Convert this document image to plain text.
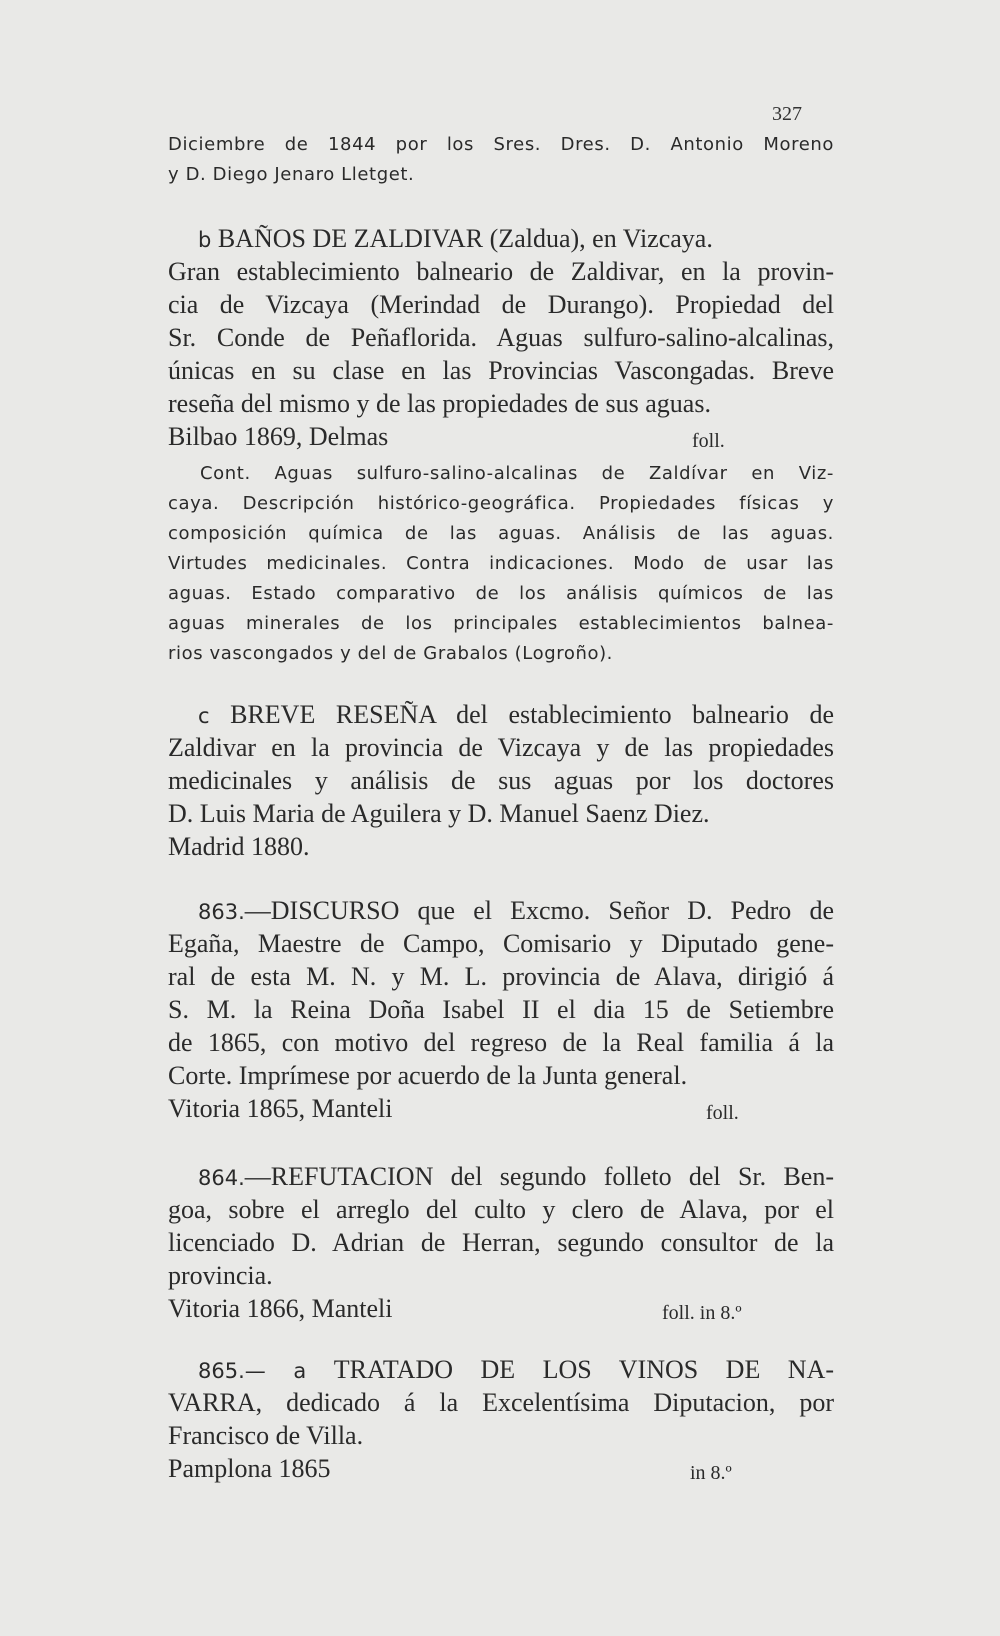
327
Diciembre de 1844 por los Sres. Dres. D. Antonio Moreno
y D. Diego Jenaro Lletget.
b BAÑOS DE ZALDIVAR (Zaldua), en Vizcaya.
Gran establecimiento balneario de Zaldivar, en la provin-
cia de Vizcaya (Merindad de Durango). Propiedad del
Sr. Conde de Peñaflorida. Aguas sulfuro-salino-alcalinas,
únicas en su clase en las Provincias Vascongadas. Breve
reseña del mismo y de las propiedades de sus aguas.
Bilbao 1869, Delmas	foll.
Cont. Aguas sulfuro-salino-alcalinas de Zaldívar en Viz-
caya. Descripción histórico-geográfica. Propiedades físicas y
composición química de las aguas. Análisis de las aguas.
Virtudes medicinales. Contra indicaciones. Modo de usar las
aguas. Estado comparativo de los análisis químicos de las
aguas minerales de los principales establecimientos balnea-
rios vascongados y del de Grabalos (Logroño).
c BREVE RESEÑA del establecimiento balneario de
Zaldivar en la provincia de Vizcaya y de las propiedades
medicinales y análisis de sus aguas por los doctores
D. Luis Maria de Aguilera y D. Manuel Saenz Diez.
Madrid 1880.
863.—DISCURSO que el Excmo. Señor D. Pedro de
Egaña, Maestre de Campo, Comisario y Diputado gene-
ral de esta M. N. y M. L. provincia de Alava, dirigió á
S. M. la Reina Doña Isabel II el dia 15 de Setiembre
de 1865, con motivo del regreso de la Real familia á la
Corte. Imprímese por acuerdo de la Junta general.
Vitoria 1865, Manteli	foll.
864.—REFUTACION del segundo folleto del Sr. Ben-
goa, sobre el arreglo del culto y clero de Alava, por el
licenciado D. Adrian de Herran, segundo consultor de la
provincia.
Vitoria 1866, Manteli	foll. in 8.º
865.— a TRATADO DE LOS VINOS DE NA-
VARRA, dedicado á la Excelentísima Diputacion, por
Francisco de Villa.
Pamplona 1865	in 8.º
